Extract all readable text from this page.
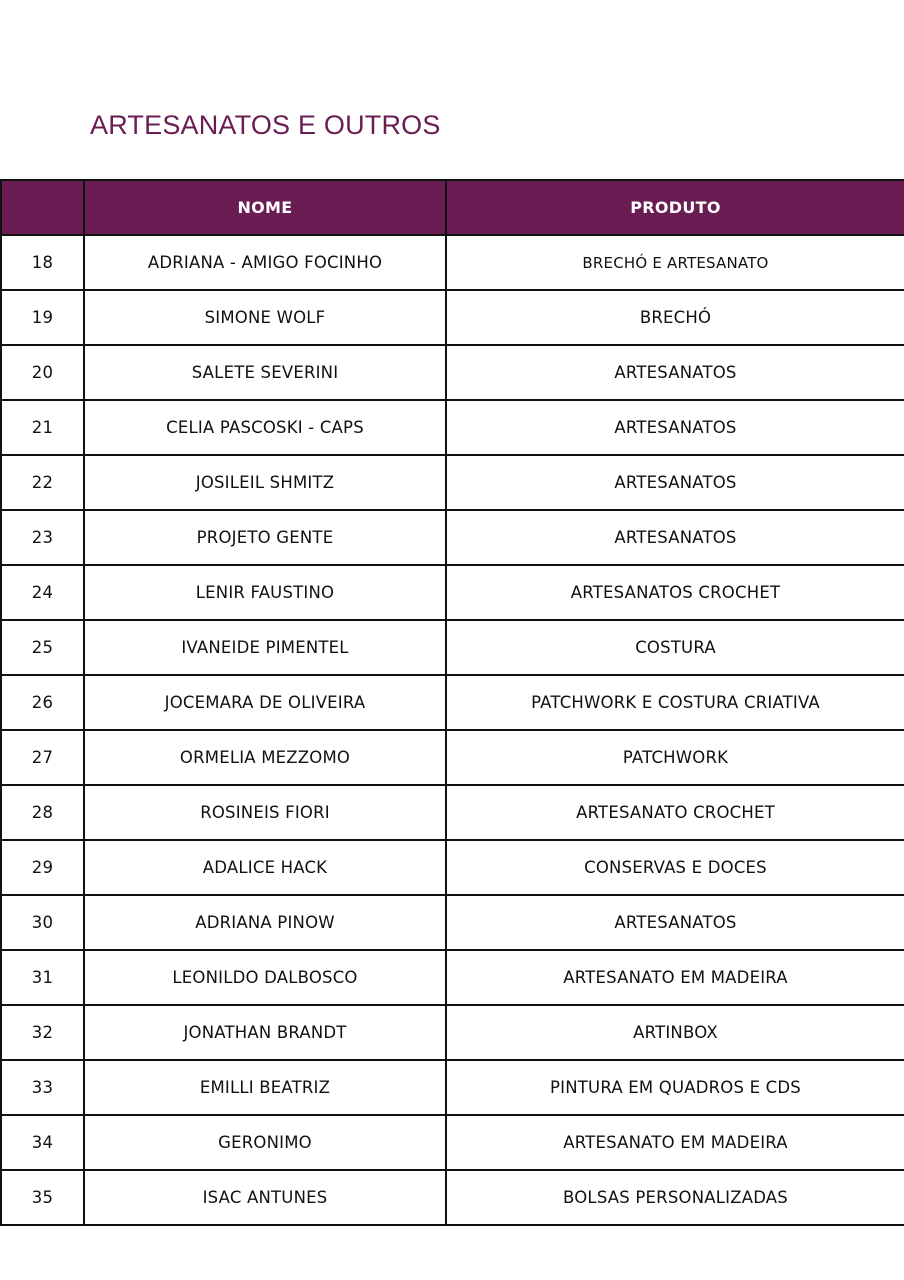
ARTESANATOS E OUTROS
	NOME	PRODUTO
18	ADRIANA - AMIGO FOCINHO	BRECHÓ E ARTESANATO
19	SIMONE WOLF	BRECHÓ
20	SALETE SEVERINI	ARTESANATOS
21	CELIA PASCOSKI - CAPS	ARTESANATOS
22	JOSILEIL SHMITZ	ARTESANATOS
23	PROJETO GENTE	ARTESANATOS
24	LENIR FAUSTINO	ARTESANATOS CROCHET
25	IVANEIDE PIMENTEL	COSTURA
26	JOCEMARA DE OLIVEIRA	PATCHWORK E COSTURA CRIATIVA
27	ORMELIA MEZZOMO	PATCHWORK
28	ROSINEIS FIORI	ARTESANATO CROCHET
29	ADALICE HACK	CONSERVAS E DOCES
30	ADRIANA PINOW	ARTESANATOS
31	LEONILDO DALBOSCO	ARTESANATO EM MADEIRA
32	JONATHAN BRANDT	ARTINBOX
33	EMILLI BEATRIZ	PINTURA EM QUADROS E CDS
34	GERONIMO	ARTESANATO EM MADEIRA
35	ISAC ANTUNES	BOLSAS PERSONALIZADAS
